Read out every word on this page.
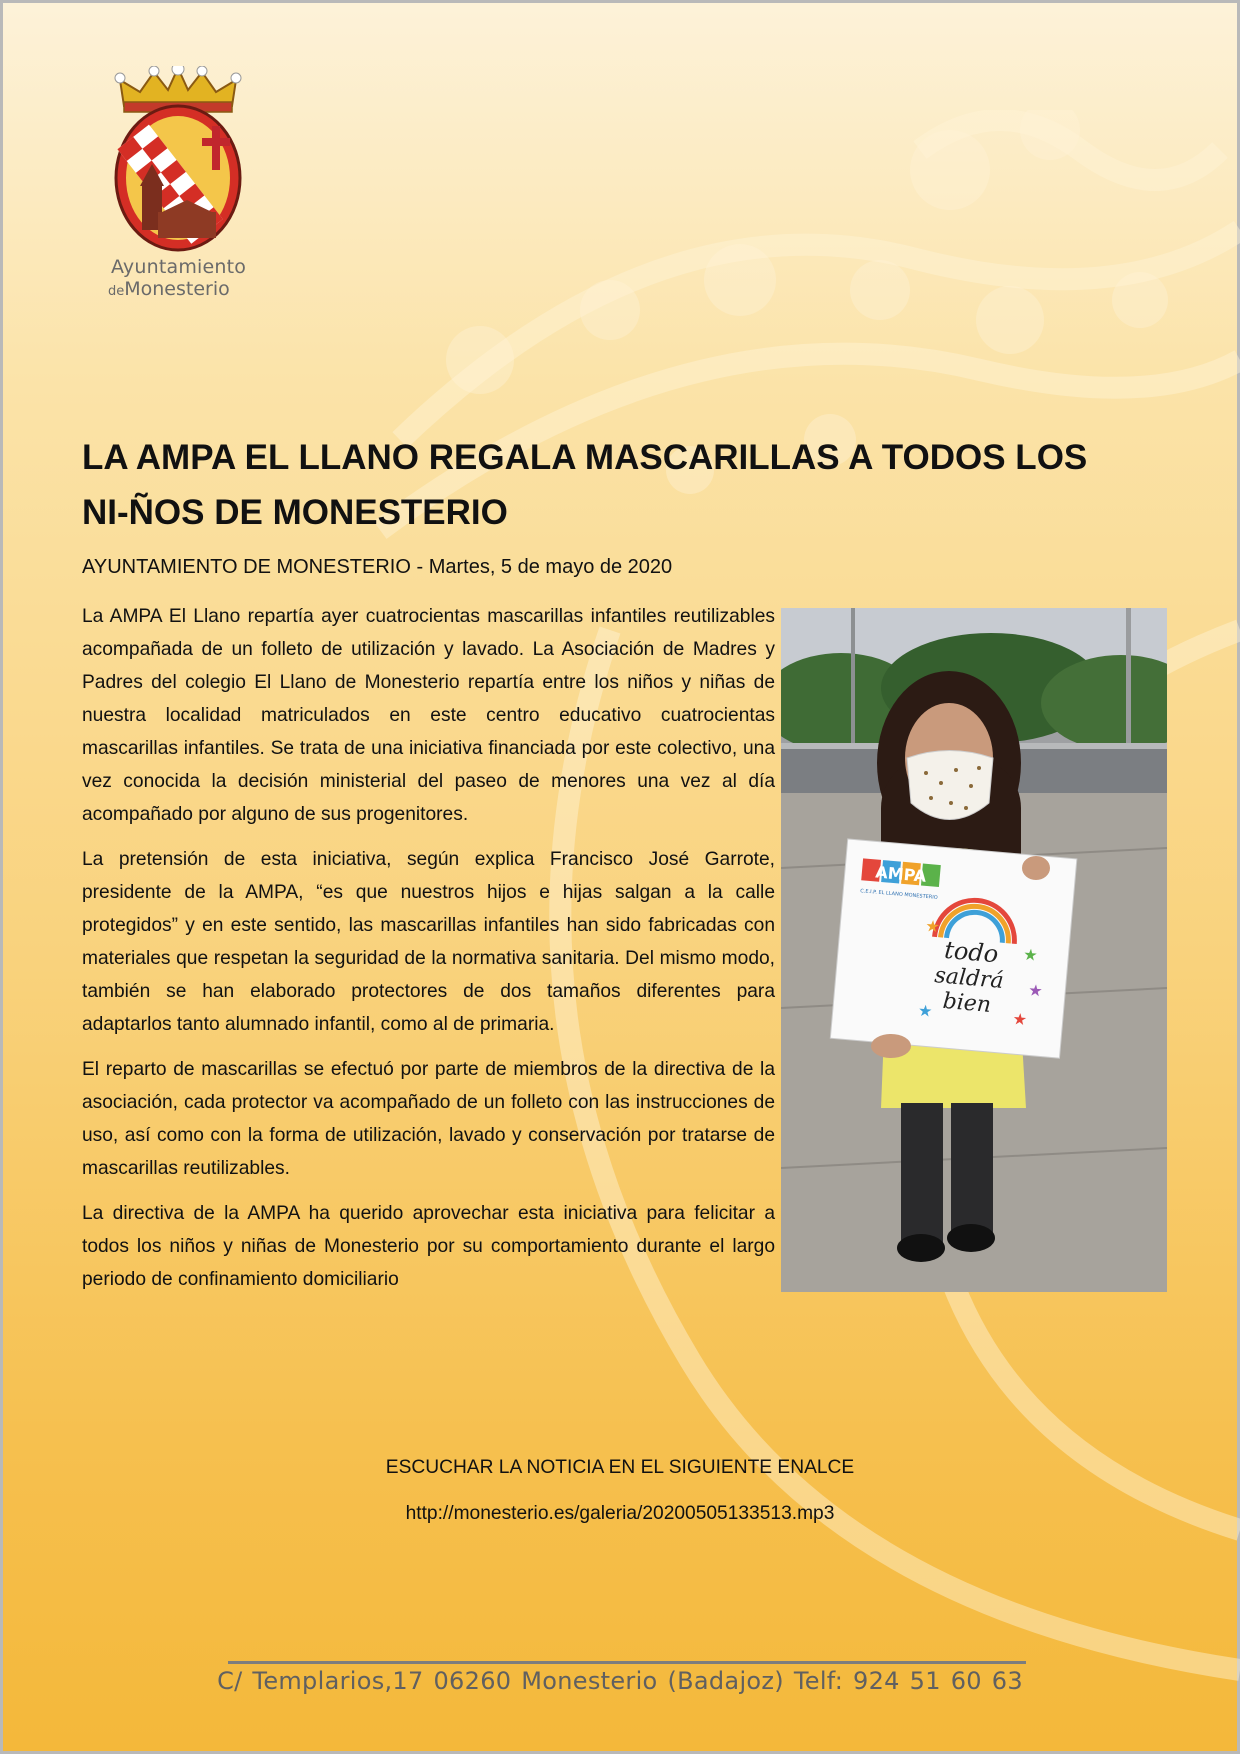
Ayuntamiento
deMonesterio
LA AMPA EL LLANO REGALA MASCARILLAS A TODOS LOS NI-ÑOS DE MONESTERIO
AYUNTAMIENTO DE MONESTERIO - Martes, 5 de mayo de 2020

La AMPA El Llano repartía ayer cuatrocientas mascarillas infantiles reutilizables acompañada de un folleto de utilización y lavado. La Asociación de Madres y Padres del colegio El Llano de Monesterio repartía entre los niños y niñas de nuestra localidad matriculados en este centro educativo cuatrocientas mascarillas infantiles. Se trata de una iniciativa financiada por este colectivo, una vez conocida la decisión ministerial del paseo de menores una vez al día acompañado por alguno de sus progenitores.

La pretensión de esta iniciativa, según explica Francisco José Garrote, presidente de la AMPA, “es que nuestros hijos e hijas salgan a la calle protegidos” y en este sentido, las mascarillas infantiles han sido fabricadas con materiales que respetan la seguridad de la normativa sanitaria. Del mismo modo, también se han elaborado protectores de dos tamaños diferentes para adaptarlos tanto alumnado infantil, como al de primaria.

El reparto de mascarillas se efectuó por parte de miembros de la directiva de la asociación, cada protector va acompañado de un folleto con las instrucciones de uso, así como con la forma de utilización, lavado y conservación por tratarse de mascarillas reutilizables.

La directiva de la AMPA ha querido aprovechar esta iniciativa para felicitar a todos los niños y niñas de Monesterio por su comportamiento durante el largo periodo de confinamiento domiciliario

AMPA
C.E.I.P. EL LLANO MONESTERIO
todo
saldrá
bien
★
★
★
★
★
ESCUCHAR LA NOTICIA EN EL SIGUIENTE ENALCE
http://monesterio.es/galeria/20200505133513.mp3
C/ Templarios,17 06260 Monesterio (Badajoz) Telf: 924 51 60 63
